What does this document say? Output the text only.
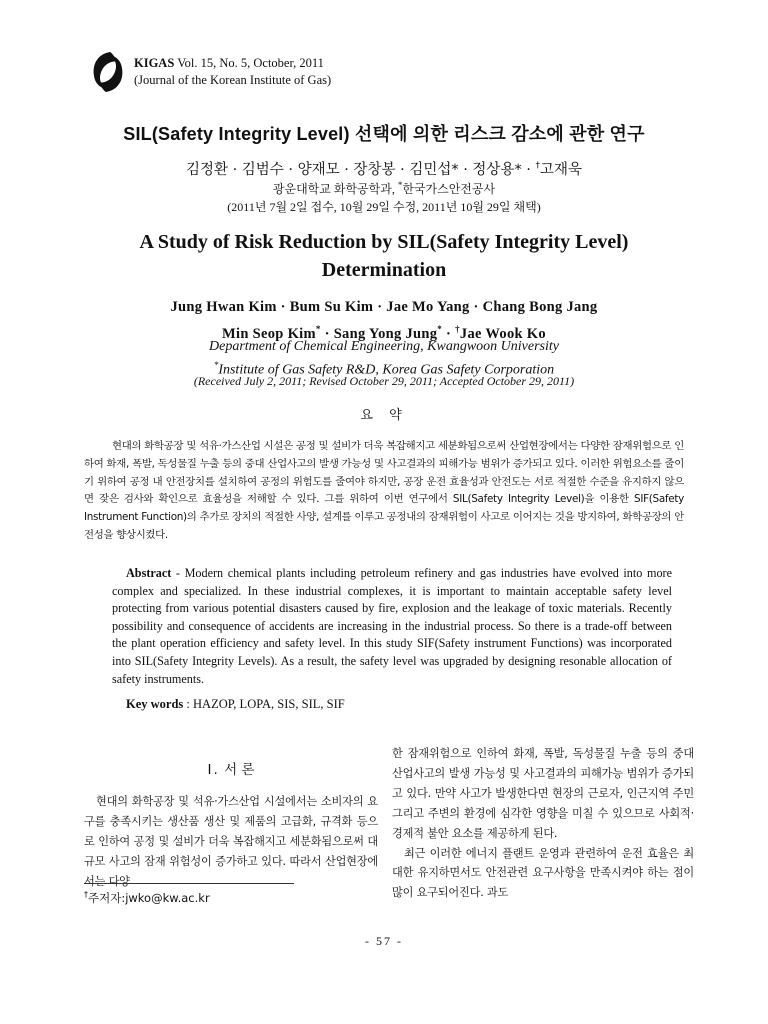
KIGAS Vol. 15, No. 5, October, 2011
(Journal of the Korean Institute of Gas)
SIL(Safety Integrity Level) 선택에 의한 리스크 감소에 관한 연구
김정환 · 김범수 · 양재모 · 장창봉 · 김민섭* · 정상용* · †고재욱
광운대학교 화학공학과, *한국가스안전공사
(2011년 7월 2일 접수, 10월 29일 수정, 2011년 10월 29일 채택)
A Study of Risk Reduction by SIL(Safety Integrity Level) Determination
Jung Hwan Kim · Bum Su Kim · Jae Mo Yang · Chang Bong Jang
Min Seop Kim* · Sang Yong Jung* · †Jae Wook Ko
Department of Chemical Engineering, Kwangwoon University
*Institute of Gas Safety R&D, Korea Gas Safety Corporation
(Received July 2, 2011; Revised October 29, 2011; Accepted October 29, 2011)
요 약
현대의 화학공장 및 석유·가스산업 시설은 공정 및 설비가 더욱 복잡해지고 세분화됨으로써 산업현장에서는 다양한 잠재위험으로 인하여 화재, 폭발, 독성물질 누출 등의 중대 산업사고의 발생 가능성 및 사고결과의 피해가능 범위가 증가되고 있다. 이러한 위험요소를 줄이기 위하여 공정 내 안전장치를 설치하여 공정의 위험도를 줄여야 하지만, 공장 운전 효율성과 안전도는 서로 적절한 수준을 유지하지 않으면 잦은 검사와 확인으로 효율성을 저해할 수 있다. 그를 위하여 이번 연구에서 SIL(Safety Integrity Level)을 이용한 SIF(Safety Instrument Function)의 추가로 장치의 적절한 사양, 설계를 이루고 공정내의 잠재위험이 사고로 이어지는 것을 방지하여, 화학공장의 안전성을 향상시켰다.
Abstract - Modern chemical plants including petroleum refinery and gas industries have evolved into more complex and specialized. In these industrial complexes, it is important to maintain acceptable safety level protecting from various potential disasters caused by fire, explosion and the leakage of toxic materials. Recently possibility and consequence of accidents are increasing in the industrial process. So there is a trade-off between the plant operation efficiency and safety level. In this study SIF(Safety instrument Functions) was incorporated into SIL(Safety Integrity Levels). As a result, the safety level was upgraded by designing resonable allocation of safety instruments.
Key words : HAZOP, LOPA, SIS, SIL, SIF
I. 서 론
현대의 화학공장 및 석유·가스산업 시설에서는 소비자의 요구를 충족시키는 생산품 생산 및 제품의 고급화, 규격화 등으로 인하여 공정 및 설비가 더욱 복잡해지고 세분화됨으로써 대규모 사고의 잠재 위험성이 증가하고 있다. 따라서 산업현장에서는 다양
†주저자:jwko@kw.ac.kr
한 잠재위험으로 인하여 화재, 폭발, 독성물질 누출 등의 중대 산업사고의 발생 가능성 및 사고결과의 피해가능 범위가 증가되고 있다. 만약 사고가 발생한다면 현장의 근로자, 인근지역 주민 그리고 주변의 환경에 심각한 영향을 미칠 수 있으므로 사회적·경제적 불안 요소를 제공하게 된다.
최근 이러한 에너지 플랜트 운영과 관련하여 운전 효율은 최대한 유지하면서도 안전관련 요구사항을 만족시켜야 하는 점이 많이 요구되어진다. 과도
- 57 -
